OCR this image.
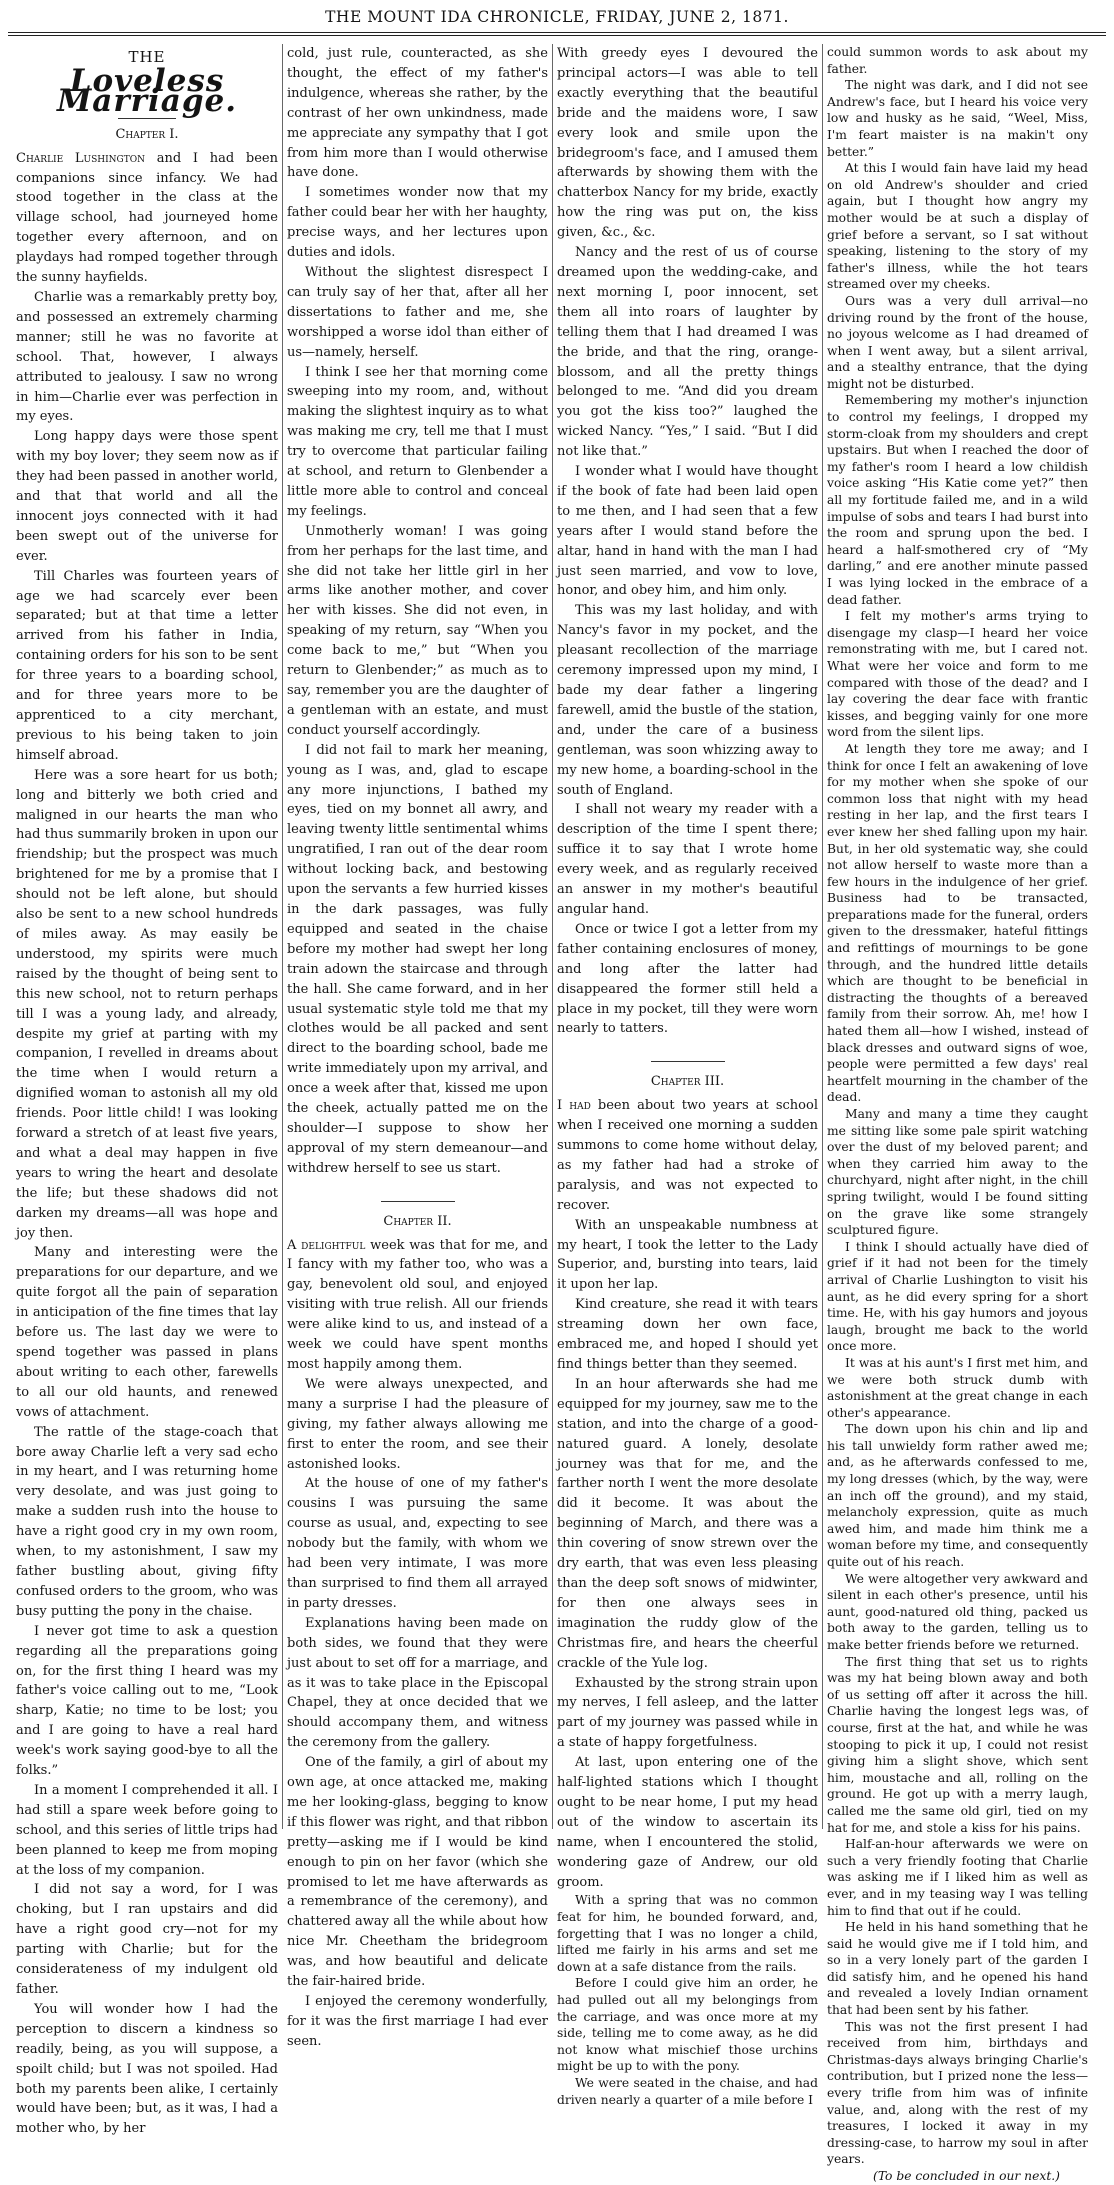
THE MOUNT IDA CHRONICLE, FRIDAY, JUNE 2, 1871.
THE
Loveless Marriage.
Chapter I.

Charlie Lushington and I had been companions since infancy. We had stood together in the class at the village school, had journeyed home together every afternoon, and on playdays had romped together through the sunny hayfields.

Charlie was a remarkably pretty boy, and possessed an extremely charming manner; still he was no favorite at school. That, however, I always attributed to jealousy. I saw no wrong in him—Charlie ever was perfection in my eyes.

Long happy days were those spent with my boy lover; they seem now as if they had been passed in another world, and that that world and all the innocent joys connected with it had been swept out of the universe for ever.

Till Charles was fourteen years of age we had scarcely ever been separated; but at that time a letter arrived from his father in India, containing orders for his son to be sent for three years to a boarding school, and for three years more to be apprenticed to a city merchant, previous to his being taken to join himself abroad.

Here was a sore heart for us both; long and bitterly we both cried and maligned in our hearts the man who had thus summarily broken in upon our friendship; but the prospect was much brightened for me by a promise that I should not be left alone, but should also be sent to a new school hundreds of miles away. As may easily be understood, my spirits were much raised by the thought of being sent to this new school, not to return perhaps till I was a young lady, and already, despite my grief at parting with my companion, I revelled in dreams about the time when I would return a dignified woman to astonish all my old friends. Poor little child! I was looking forward a stretch of at least five years, and what a deal may happen in five years to wring the heart and desolate the life; but these shadows did not darken my dreams—all was hope and joy then.

Many and interesting were the preparations for our departure, and we quite forgot all the pain of separation in anticipation of the fine times that lay before us. The last day we were to spend together was passed in plans about writing to each other, farewells to all our old haunts, and renewed vows of attachment.

The rattle of the stage-coach that bore away Charlie left a very sad echo in my heart, and I was returning home very desolate, and was just going to make a sudden rush into the house to have a right good cry in my own room, when, to my astonishment, I saw my father bustling about, giving fifty confused orders to the groom, who was busy putting the pony in the chaise.

I never got time to ask a question regarding all the preparations going on, for the first thing I heard was my father's voice calling out to me, “Look sharp, Katie; no time to be lost; you and I are going to have a real hard week's work saying good-bye to all the folks.”

In a moment I comprehended it all. I had still a spare week before going to school, and this series of little trips had been planned to keep me from moping at the loss of my companion.

I did not say a word, for I was choking, but I ran upstairs and did have a right good cry—not for my parting with Charlie; but for the considerateness of my indulgent old father.

You will wonder how I had the perception to discern a kindness so readily, being, as you will suppose, a spoilt child; but I was not spoiled. Had both my parents been alike, I certainly would have been; but, as it was, I had a mother who, by her

cold, just rule, counteracted, as she thought, the effect of my father's indulgence, whereas she rather, by the contrast of her own unkindness, made me appreciate any sympathy that I got from him more than I would otherwise have done.

I sometimes wonder now that my father could bear her with her haughty, precise ways, and her lectures upon duties and idols.

Without the slightest disrespect I can truly say of her that, after all her dissertations to father and me, she worshipped a worse idol than either of us—namely, herself.

I think I see her that morning come sweeping into my room, and, without making the slightest inquiry as to what was making me cry, tell me that I must try to overcome that particular failing at school, and return to Glenbender a little more able to control and conceal my feelings.

Unmotherly woman! I was going from her perhaps for the last time, and she did not take her little girl in her arms like another mother, and cover her with kisses. She did not even, in speaking of my return, say “When you come back to me,” but “When you return to Glenbender;” as much as to say, remember you are the daughter of a gentleman with an estate, and must conduct yourself accordingly.

I did not fail to mark her meaning, young as I was, and, glad to escape any more injunctions, I bathed my eyes, tied on my bonnet all awry, and leaving twenty little sentimental whims ungratified, I ran out of the dear room without locking back, and bestowing upon the servants a few hurried kisses in the dark passages, was fully equipped and seated in the chaise before my mother had swept her long train adown the staircase and through the hall. She came forward, and in her usual systematic style told me that my clothes would be all packed and sent direct to the boarding school, bade me write immediately upon my arrival, and once a week after that, kissed me upon the cheek, actually patted me on the shoulder—I suppose to show her approval of my stern demeanour—and withdrew herself to see us start.

Chapter II.

A delightful week was that for me, and I fancy with my father too, who was a gay, benevolent old soul, and enjoyed visiting with true relish. All our friends were alike kind to us, and instead of a week we could have spent months most happily among them.

We were always unexpected, and many a surprise I had the pleasure of giving, my father always allowing me first to enter the room, and see their astonished looks.

At the house of one of my father's cousins I was pursuing the same course as usual, and, expecting to see nobody but the family, with whom we had been very intimate, I was more than surprised to find them all arrayed in party dresses.

Explanations having been made on both sides, we found that they were just about to set off for a marriage, and as it was to take place in the Episcopal Chapel, they at once decided that we should accompany them, and witness the ceremony from the gallery.

One of the family, a girl of about my own age, at once attacked me, making me her looking-glass, begging to know if this flower was right, and that ribbon pretty—asking me if I would be kind enough to pin on her favor (which she promised to let me have afterwards as a remembrance of the ceremony), and chattered away all the while about how nice Mr. Cheetham the bridegroom was, and how beautiful and delicate the fair-haired bride.

I enjoyed the ceremony wonderfully, for it was the first marriage I had ever seen.

With greedy eyes I devoured the principal actors—I was able to tell exactly everything that the beautiful bride and the maidens wore, I saw every look and smile upon the bridegroom's face, and I amused them afterwards by showing them with the chatterbox Nancy for my bride, exactly how the ring was put on, the kiss given, &c., &c.

Nancy and the rest of us of course dreamed upon the wedding-cake, and next morning I, poor innocent, set them all into roars of laughter by telling them that I had dreamed I was the bride, and that the ring, orange-blossom, and all the pretty things belonged to me. “And did you dream you got the kiss too?” laughed the wicked Nancy. “Yes,” I said. “But I did not like that.”

I wonder what I would have thought if the book of fate had been laid open to me then, and I had seen that a few years after I would stand before the altar, hand in hand with the man I had just seen married, and vow to love, honor, and obey him, and him only.

This was my last holiday, and with Nancy's favor in my pocket, and the pleasant recollection of the marriage ceremony impressed upon my mind, I bade my dear father a lingering farewell, amid the bustle of the station, and, under the care of a business gentleman, was soon whizzing away to my new home, a boarding-school in the south of England.

I shall not weary my reader with a description of the time I spent there; suffice it to say that I wrote home every week, and as regularly received an answer in my mother's beautiful angular hand.

Once or twice I got a letter from my father containing enclosures of money, and long after the latter had disappeared the former still held a place in my pocket, till they were worn nearly to tatters.

Chapter III.

I had been about two years at school when I received one morning a sudden summons to come home without delay, as my father had had a stroke of paralysis, and was not expected to recover.

With an unspeakable numbness at my heart, I took the letter to the Lady Superior, and, bursting into tears, laid it upon her lap.

Kind creature, she read it with tears streaming down her own face, embraced me, and hoped I should yet find things better than they seemed.

In an hour afterwards she had me equipped for my journey, saw me to the station, and into the charge of a good-natured guard. A lonely, desolate journey was that for me, and the farther north I went the more desolate did it become. It was about the beginning of March, and there was a thin covering of snow strewn over the dry earth, that was even less pleasing than the deep soft snows of midwinter, for then one always sees in imagination the ruddy glow of the Christmas fire, and hears the cheerful crackle of the Yule log.

Exhausted by the strong strain upon my nerves, I fell asleep, and the latter part of my journey was passed while in a state of happy forgetfulness.

At last, upon entering one of the half-lighted stations which I thought ought to be near home, I put my head out of the window to ascertain its name, when I encountered the stolid, wondering gaze of Andrew, our old groom.

With a spring that was no common feat for him, he bounded forward, and, forgetting that I was no longer a child, lifted me fairly in his arms and set me down at a safe distance from the rails.

Before I could give him an order, he had pulled out all my belongings from the carriage, and was once more at my side, telling me to come away, as he did not know what mischief those urchins might be up to with the pony.

We were seated in the chaise, and had driven nearly a quarter of a mile before I

could summon words to ask about my father.

The night was dark, and I did not see Andrew's face, but I heard his voice very low and husky as he said, “Weel, Miss, I'm feart maister is na makin't ony better.”

At this I would fain have laid my head on old Andrew's shoulder and cried again, but I thought how angry my mother would be at such a display of grief before a servant, so I sat without speaking, listening to the story of my father's illness, while the hot tears streamed over my cheeks.

Ours was a very dull arrival—no driving round by the front of the house, no joyous welcome as I had dreamed of when I went away, but a silent arrival, and a stealthy entrance, that the dying might not be disturbed.

Remembering my mother's injunction to control my feelings, I dropped my storm-cloak from my shoulders and crept upstairs. But when I reached the door of my father's room I heard a low childish voice asking “His Katie come yet?” then all my fortitude failed me, and in a wild impulse of sobs and tears I had burst into the room and sprung upon the bed. I heard a half-smothered cry of “My darling,” and ere another minute passed I was lying locked in the embrace of a dead father.

I felt my mother's arms trying to disengage my clasp—I heard her voice remonstrating with me, but I cared not. What were her voice and form to me compared with those of the dead? and I lay covering the dear face with frantic kisses, and begging vainly for one more word from the silent lips.

At length they tore me away; and I think for once I felt an awakening of love for my mother when she spoke of our common loss that night with my head resting in her lap, and the first tears I ever knew her shed falling upon my hair. But, in her old systematic way, she could not allow herself to waste more than a few hours in the indulgence of her grief. Business had to be transacted, preparations made for the funeral, orders given to the dressmaker, hateful fittings and refittings of mournings to be gone through, and the hundred little details which are thought to be beneficial in distracting the thoughts of a bereaved family from their sorrow. Ah, me! how I hated them all—how I wished, instead of black dresses and outward signs of woe, people were permitted a few days' real heartfelt mourning in the chamber of the dead.

Many and many a time they caught me sitting like some pale spirit watching over the dust of my beloved parent; and when they carried him away to the churchyard, night after night, in the chill spring twilight, would I be found sitting on the grave like some strangely sculptured figure.

I think I should actually have died of grief if it had not been for the timely arrival of Charlie Lushington to visit his aunt, as he did every spring for a short time. He, with his gay humors and joyous laugh, brought me back to the world once more.

It was at his aunt's I first met him, and we were both struck dumb with astonishment at the great change in each other's appearance.

The down upon his chin and lip and his tall unwieldy form rather awed me; and, as he afterwards confessed to me, my long dresses (which, by the way, were an inch off the ground), and my staid, melancholy expression, quite as much awed him, and made him think me a woman before my time, and consequently quite out of his reach.

We were altogether very awkward and silent in each other's presence, until his aunt, good-natured old thing, packed us both away to the garden, telling us to make better friends before we returned.

The first thing that set us to rights was my hat being blown away and both of us setting off after it across the hill. Charlie having the longest legs was, of course, first at the hat, and while he was stooping to pick it up, I could not resist giving him a slight shove, which sent him, moustache and all, rolling on the ground. He got up with a merry laugh, called me the same old girl, tied on my hat for me, and stole a kiss for his pains.

Half-an-hour afterwards we were on such a very friendly footing that Charlie was asking me if I liked him as well as ever, and in my teasing way I was telling him to find that out if he could.

He held in his hand something that he said he would give me if I told him, and so in a very lonely part of the garden I did satisfy him, and he opened his hand and revealed a lovely Indian ornament that had been sent by his father.

This was not the first present I had received from him, birthdays and Christmas-days always bringing Charlie's contribution, but I prized none the less—every trifle from him was of infinite value, and, along with the rest of my treasures, I locked it away in my dressing-case, to harrow my soul in after years.

(To be concluded in our next.)
